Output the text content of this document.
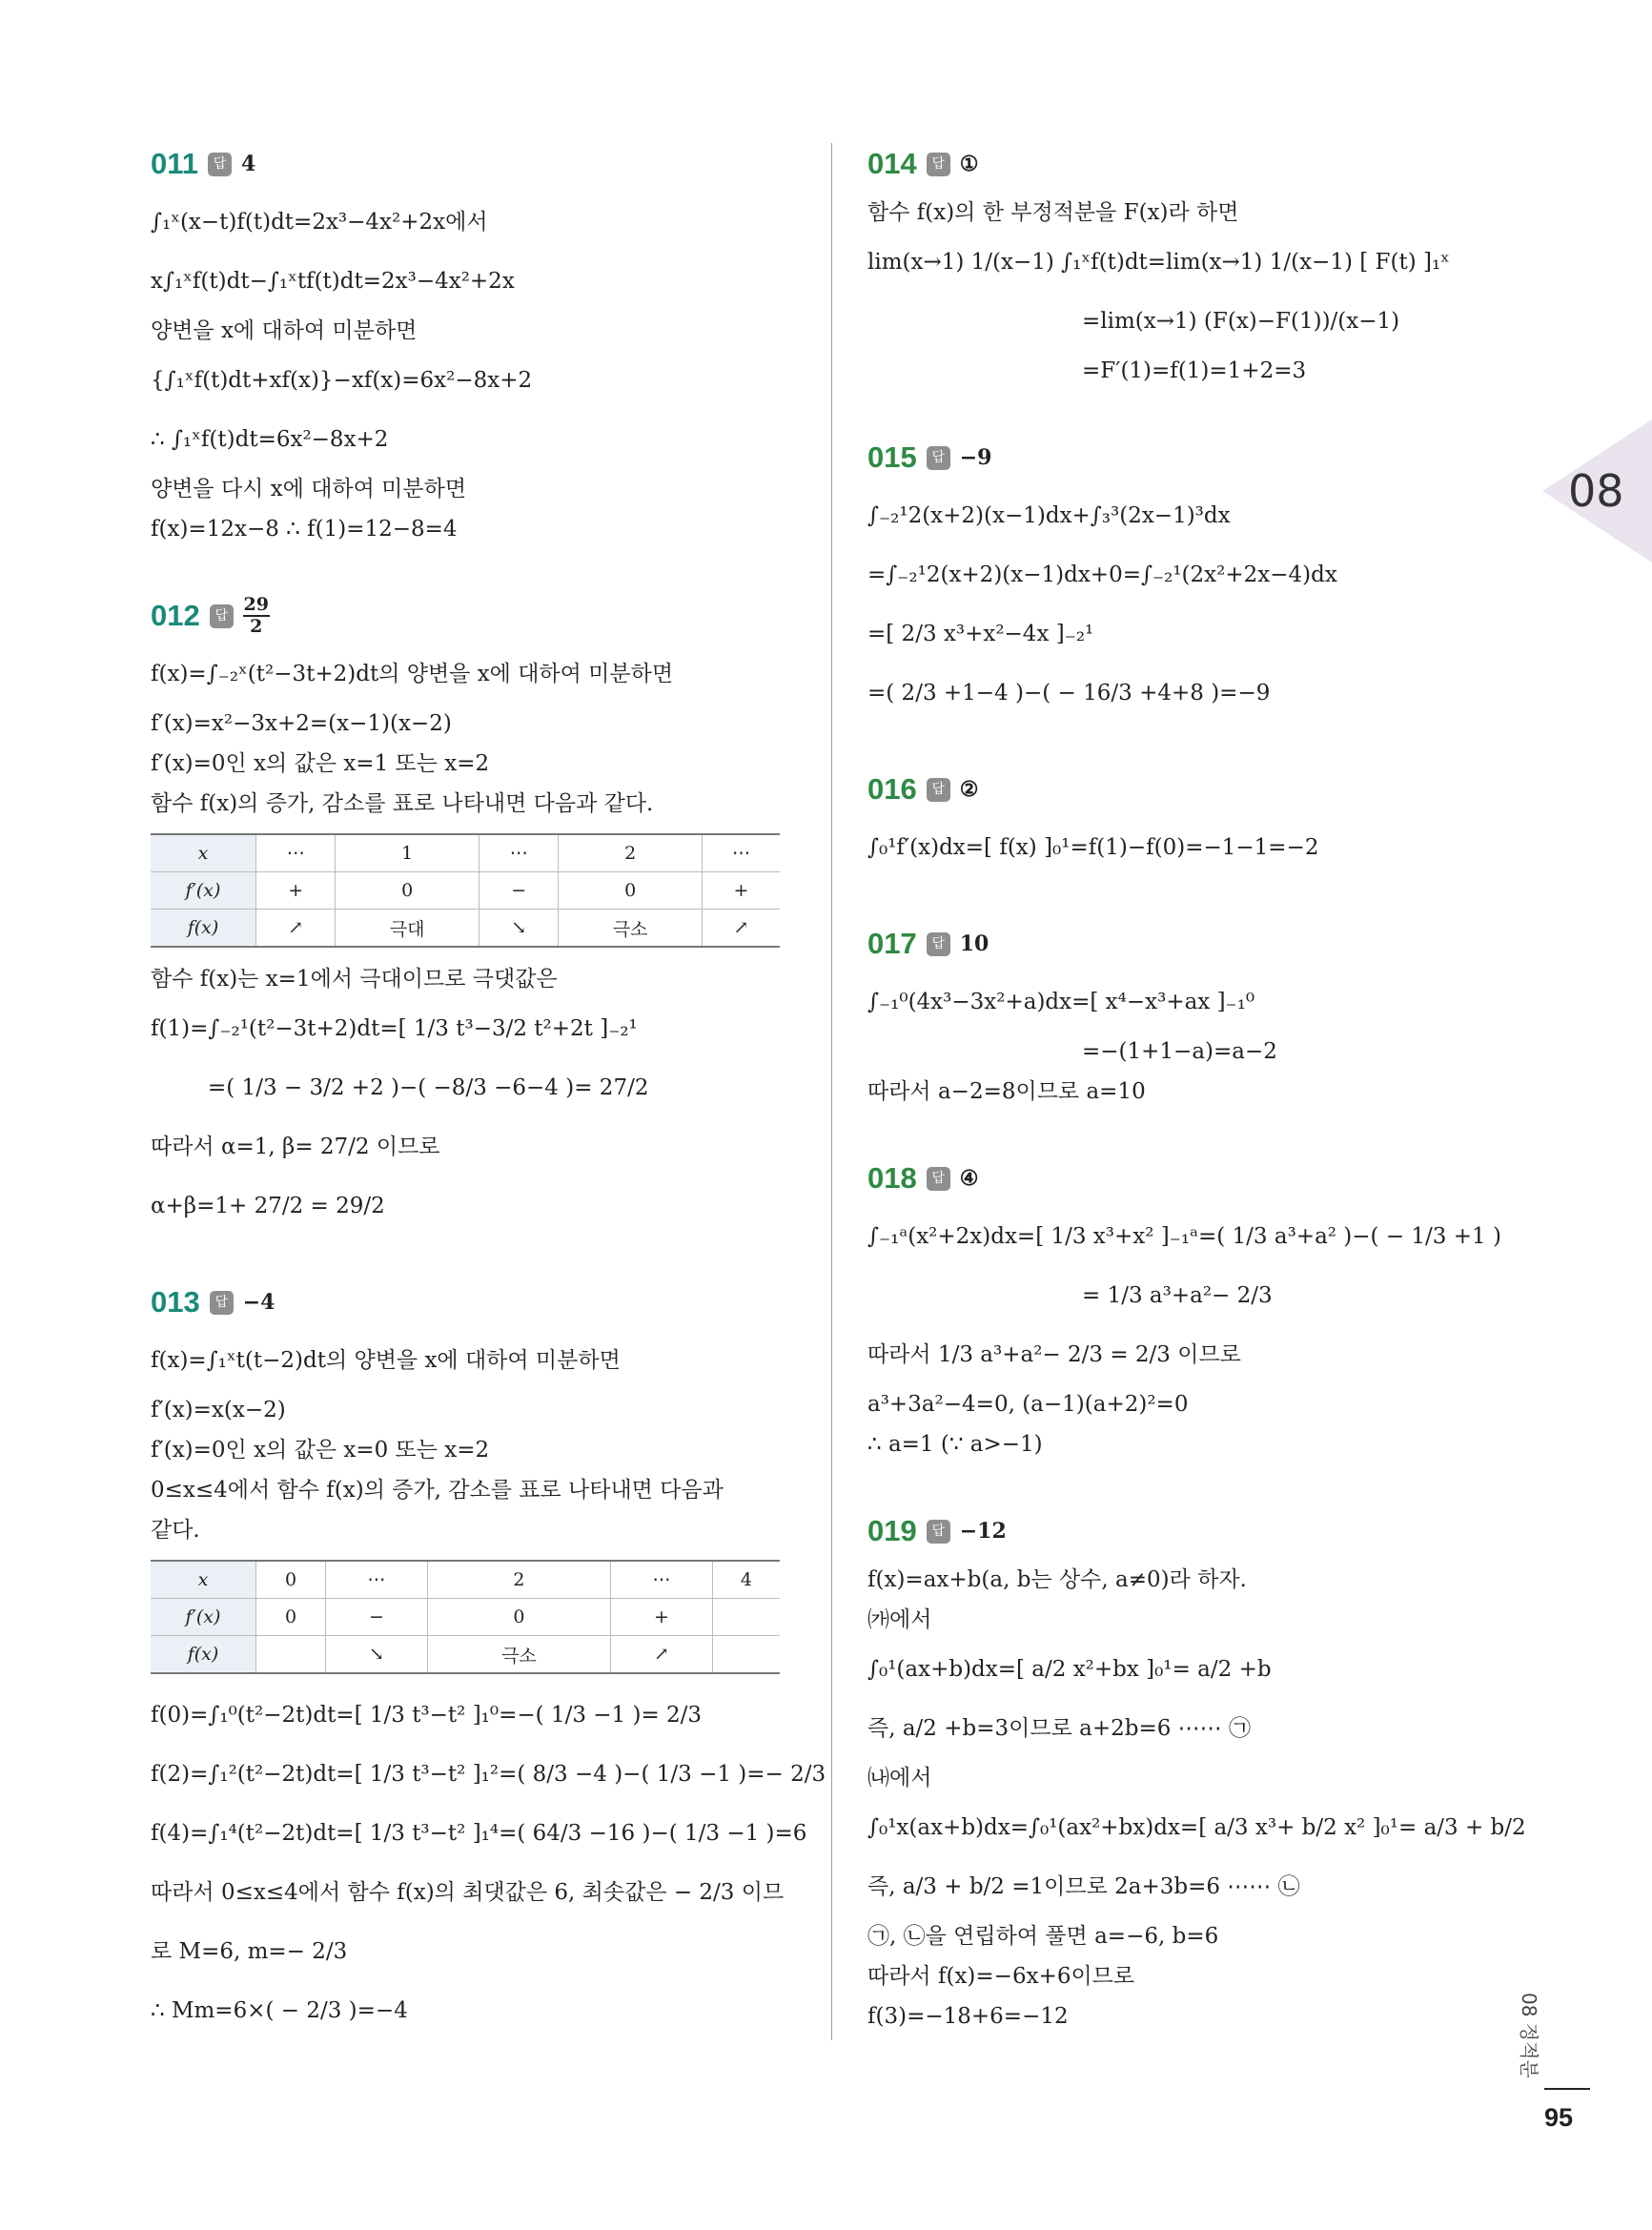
011	답 4
∫₁ˣ(x−t)f(t)dt=2x³−4x²+2x에서
x∫₁ˣf(t)dt−∫₁ˣtf(t)dt=2x³−4x²+2x
양변을 x에 대하여 미분하면
{∫₁ˣf(t)dt+xf(x)}−xf(x)=6x²−8x+2
∴ ∫₁ˣf(t)dt=6x²−8x+2
양변을 다시 x에 대하여 미분하면
f(x)=12x−8 ∴ f(1)=12−8=4
012	답 $\frac{29}{2}$
f(x)=∫₋₂ˣ(t²−3t+2)dt의 양변을 x에 대하여 미분하면
f′(x)=x²−3x+2=(x−1)(x−2)
f′(x)=0인 x의 값은 x=1 또는 x=2
함수 f(x)의 증가, 감소를 표로 나타내면 다음과 같다.
x	⋯	1	⋯	2	⋯
f′(x)	+	0	−	0	+
f(x)	↗	극대	↘	극소	↗
함수 f(x)는 x=1에서 극대이므로 극댓값은
f(1)=∫₋₂¹(t²−3t+2)dt=[ 1/3 t³−3/2 t²+2t ]₋₂¹
=( 1/3 − 3/2 +2 )−( −8/3 −6−4 )= 27/2
따라서 α=1, β= 27/2 이므로
α+β=1+ 27/2 = 29/2
013	답 −4
f(x)=∫₁ˣt(t−2)dt의 양변을 x에 대하여 미분하면
f′(x)=x(x−2)
f′(x)=0인 x의 값은 x=0 또는 x=2
0≤x≤4에서 함수 f(x)의 증가, 감소를 표로 나타내면 다음과
같다.
x	0	⋯	2	⋯	4
f′(x)	0	−	0	+	
f(x)		↘	극소	↗	
f(0)=∫₁⁰(t²−2t)dt=[ 1/3 t³−t² ]₁⁰=−( 1/3 −1 )= 2/3
f(2)=∫₁²(t²−2t)dt=[ 1/3 t³−t² ]₁²=( 8/3 −4 )−( 1/3 −1 )=− 2/3
f(4)=∫₁⁴(t²−2t)dt=[ 1/3 t³−t² ]₁⁴=( 64/3 −16 )−( 1/3 −1 )=6
따라서 0≤x≤4에서 함수 f(x)의 최댓값은 6, 최솟값은 − 2/3 이므
로 M=6, m=− 2/3
∴ Mm=6×( − 2/3 )=−4
014	답 ①
함수 f(x)의 한 부정적분을 F(x)라 하면
lim(x→1) 1/(x−1) ∫₁ˣf(t)dt=lim(x→1) 1/(x−1) [ F(t) ]₁ˣ
=lim(x→1) (F(x)−F(1))/(x−1)
=F′(1)=f(1)=1+2=3
015	답 −9
∫₋₂¹2(x+2)(x−1)dx+∫₃³(2x−1)³dx
=∫₋₂¹2(x+2)(x−1)dx+0=∫₋₂¹(2x²+2x−4)dx
=[ 2/3 x³+x²−4x ]₋₂¹
=( 2/3 +1−4 )−( − 16/3 +4+8 )=−9
016	답 ②
∫₀¹f′(x)dx=[ f(x) ]₀¹=f(1)−f(0)=−1−1=−2
017	답 10
∫₋₁⁰(4x³−3x²+a)dx=[ x⁴−x³+ax ]₋₁⁰
=−(1+1−a)=a−2
따라서 a−2=8이므로 a=10
018	답 ④
∫₋₁ᵃ(x²+2x)dx=[ 1/3 x³+x² ]₋₁ᵃ=( 1/3 a³+a² )−( − 1/3 +1 )
= 1/3 a³+a²− 2/3
따라서 1/3 a³+a²− 2/3 = 2/3 이므로
a³+3a²−4=0, (a−1)(a+2)²=0
∴ a=1 (∵ a>−1)
019	답 −12
f(x)=ax+b(a, b는 상수, a≠0)라 하자.
㈎에서
∫₀¹(ax+b)dx=[ a/2 x²+bx ]₀¹= a/2 +b
즉, a/2 +b=3이므로 a+2b=6 ⋯⋯ ㉠
㈏에서
∫₀¹x(ax+b)dx=∫₀¹(ax²+bx)dx=[ a/3 x³+ b/2 x² ]₀¹= a/3 + b/2
즉, a/3 + b/2 =1이므로 2a+3b=6 ⋯⋯ ㉡
㉠, ㉡을 연립하여 풀면 a=−6, b=6
따라서 f(x)=−6x+6이므로
f(3)=−18+6=−12
08
08 정적분
95
